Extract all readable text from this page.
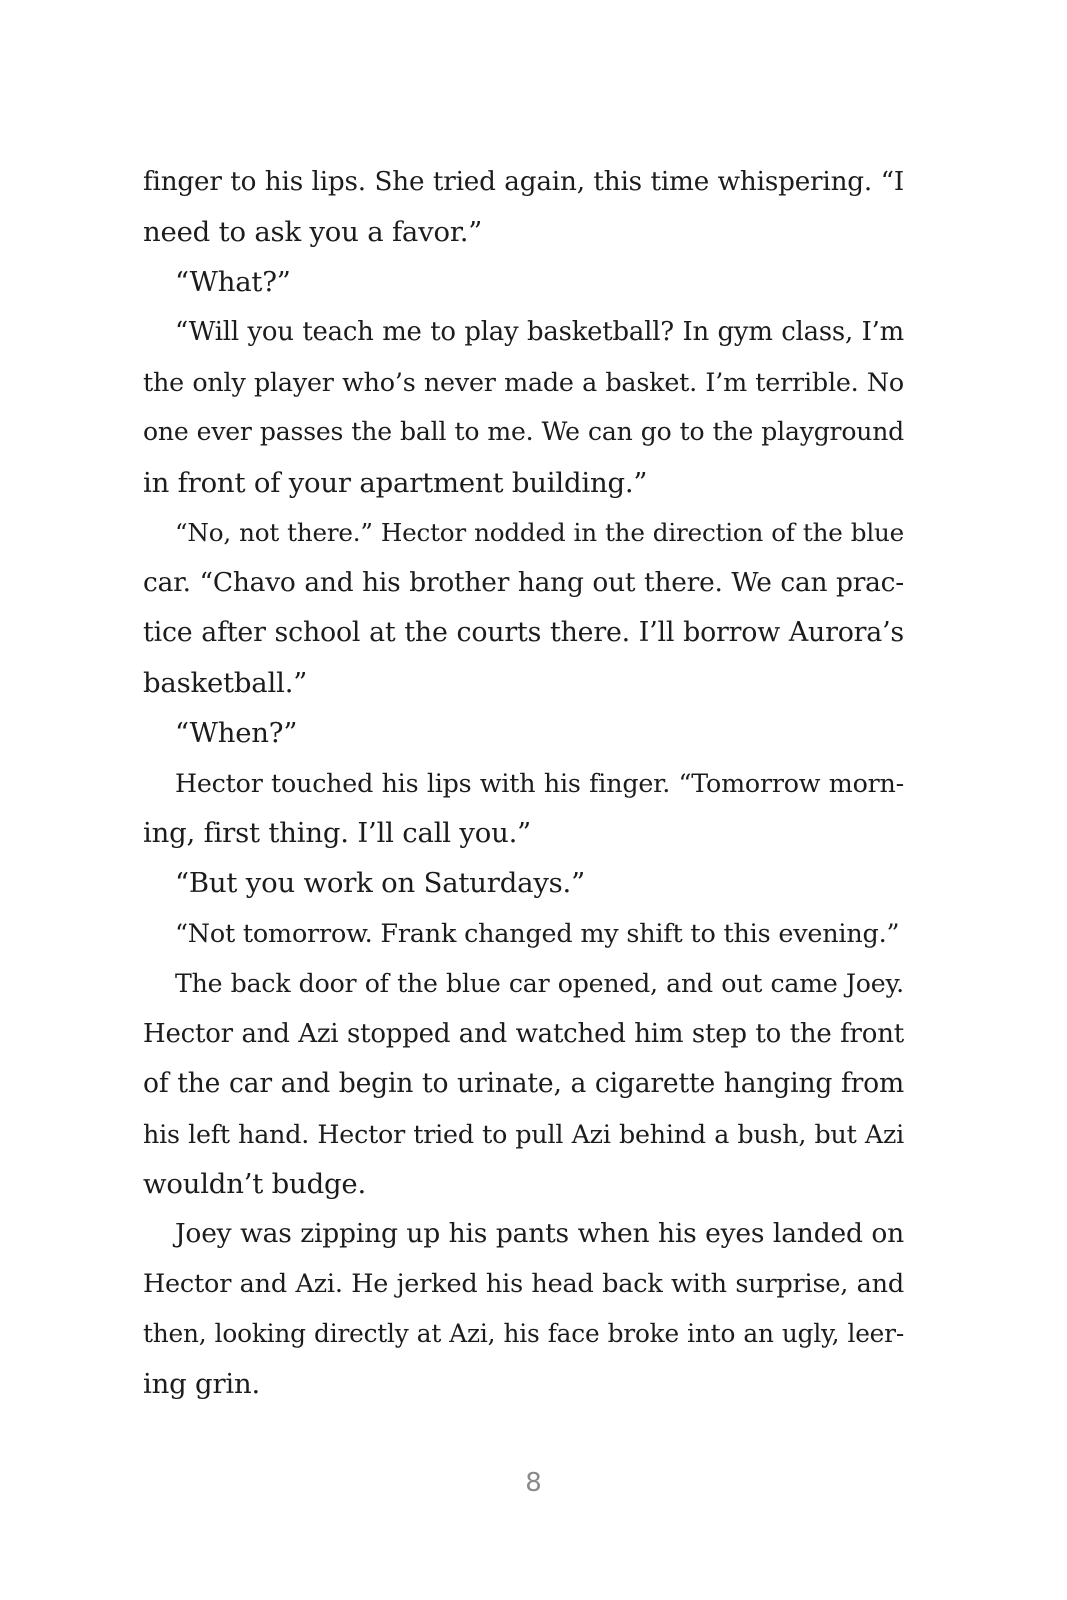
finger to his lips. She tried again, this time whispering. “I
need to ask you a favor.”
“What?”
“Will you teach me to play basketball? In gym class, I’m
the only player who’s never made a basket. I’m terrible. No
one ever passes the ball to me. We can go to the playground
in front of your apartment building.”
“No, not there.” Hector nodded in the direction of the blue
car. “Chavo and his brother hang out there. We can prac-
tice after school at the courts there. I’ll borrow Aurora’s
basketball.”
“When?”
Hector touched his lips with his finger. “Tomorrow morn-
ing, first thing. I’ll call you.”
“But you work on Saturdays.”
“Not tomorrow. Frank changed my shift to this evening.”
The back door of the blue car opened, and out came Joey.
Hector and Azi stopped and watched him step to the front
of the car and begin to urinate, a cigarette hanging from
his left hand. Hector tried to pull Azi behind a bush, but Azi
wouldn’t budge.
Joey was zipping up his pants when his eyes landed on
Hector and Azi. He jerked his head back with surprise, and
then, looking directly at Azi, his face broke into an ugly, leer-
ing grin.
8
